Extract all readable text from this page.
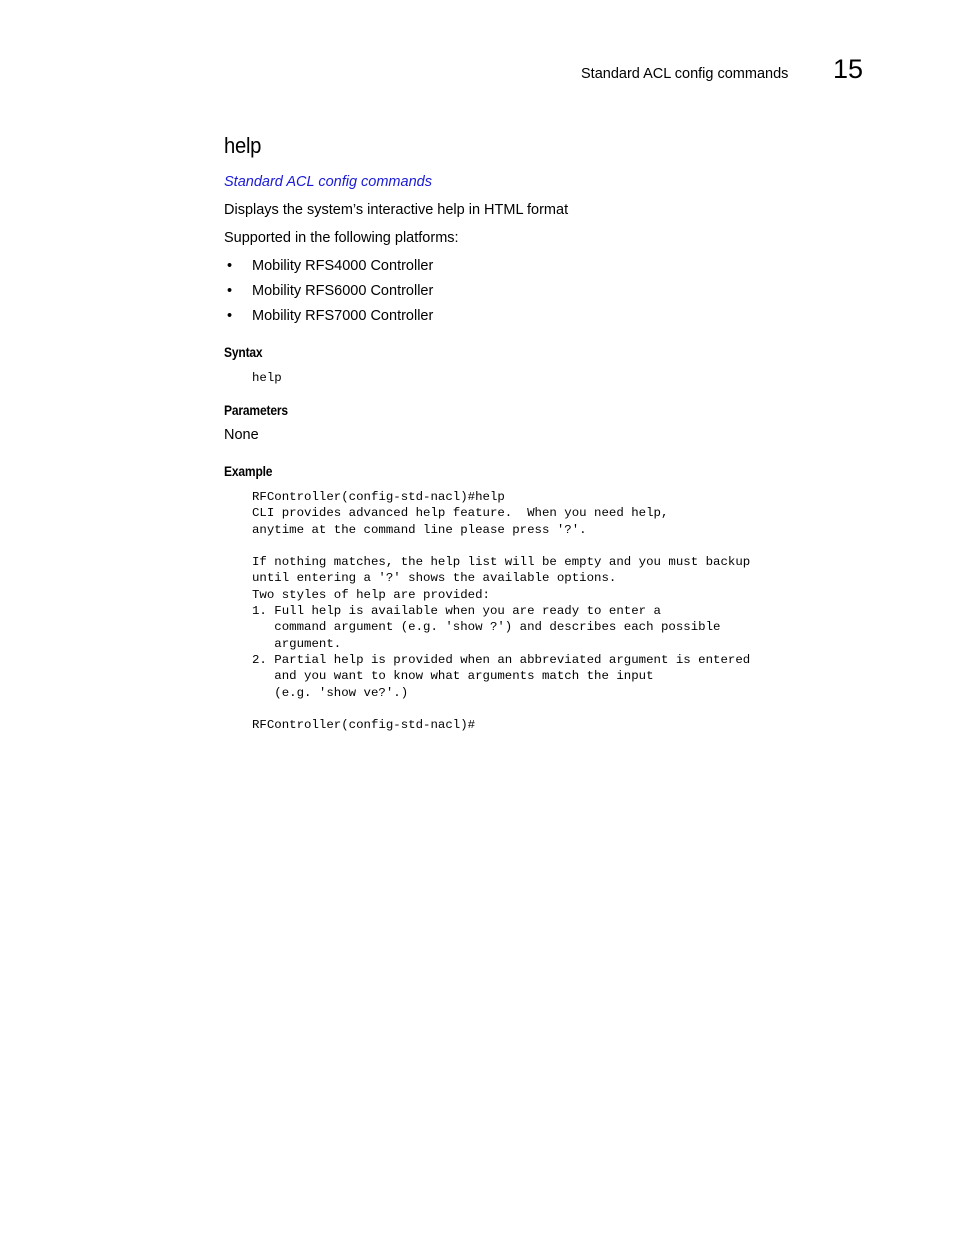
Standard ACL config commands 15
help
Standard ACL config commands
Displays the system’s interactive help in HTML format
Supported in the following platforms:
• Mobility RFS4000 Controller
• Mobility RFS6000 Controller
• Mobility RFS7000 Controller
Syntax
help
Parameters
None
Example
RFController(config-std-nacl)#help
CLI provides advanced help feature.  When you need help,
anytime at the command line please press '?'.

If nothing matches, the help list will be empty and you must backup
until entering a '?' shows the available options.
Two styles of help are provided:
1. Full help is available when you are ready to enter a
command argument (e.g. 'show ?') and describes each possible
argument.
2. Partial help is provided when an abbreviated argument is entered
and you want to know what arguments match the input
(e.g. 'show ve?'.)

RFController(config-std-nacl)#
